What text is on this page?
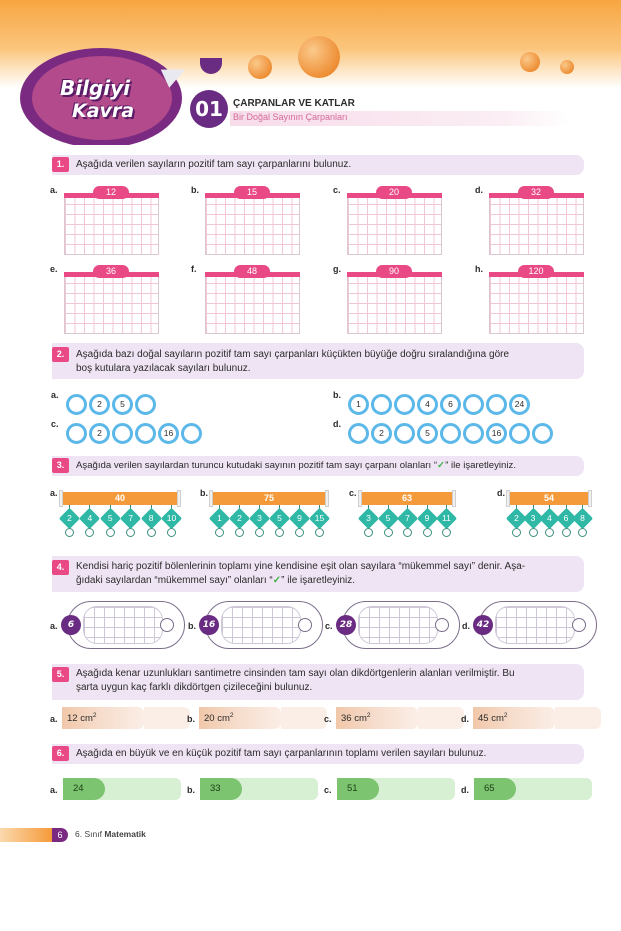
Bilgiyi
Kavra	01	ÇARPANLAR VE KATLAR
Bir Doğal Sayının Çarpanları
1.	Aşağıda verilen sayıların pozitif tam sayı çarpanlarını bulunuz.
2.	Aşağıda bazı doğal sayıların pozitif tam sayı çarpanları küçükten büyüğe doğru sıralandığına göre
boş kutulara yazılacak sayıları bulunuz.
3.	Aşağıda verilen sayılardan turuncu kutudaki sayının pozitif tam sayı çarpanı olanları “✓” ile işaretleyiniz.
4.	Kendisi hariç pozitif bölenlerinin toplamı yine kendisine eşit olan sayılara “mükemmel sayı” denir. Aşa-
ğıdaki sayılardan “mükemmel sayı” olanları “✓” ile işaretleyiniz.
5.	Aşağıda kenar uzunlukları santimetre cinsinden tam sayı olan dikdörtgenlerin alanları verilmiştir. Bu
şarta uygun kaç farklı dikdörtgen çizileceğini bulunuz.
6.	Aşağıda en büyük ve en küçük pozitif tam sayı çarpanlarının toplamı verilen sayıları bulunuz.
6	6. Sınıf Matematik
a.	12	b.	15	c.	20	d.	32
e.	36	f.	48	g.	90	h.	120
a.
2	5
b.
1	4	6	24
c.
2	16
d.
2	5	16
a.	40
2	4	5	7	8	10
b.	75
1	2	3	5	9	15
c.	63
3	5	7	9	11
d.	54
2	3	4	6	8
a.	6	b. 16	c. 28	d. 42
a. 12 $cm^2$	b. 20 $cm^2$	c. 36 $cm^2$	d. 45 $cm^2$
a. 24	b. 33	c. 51	d. 65
